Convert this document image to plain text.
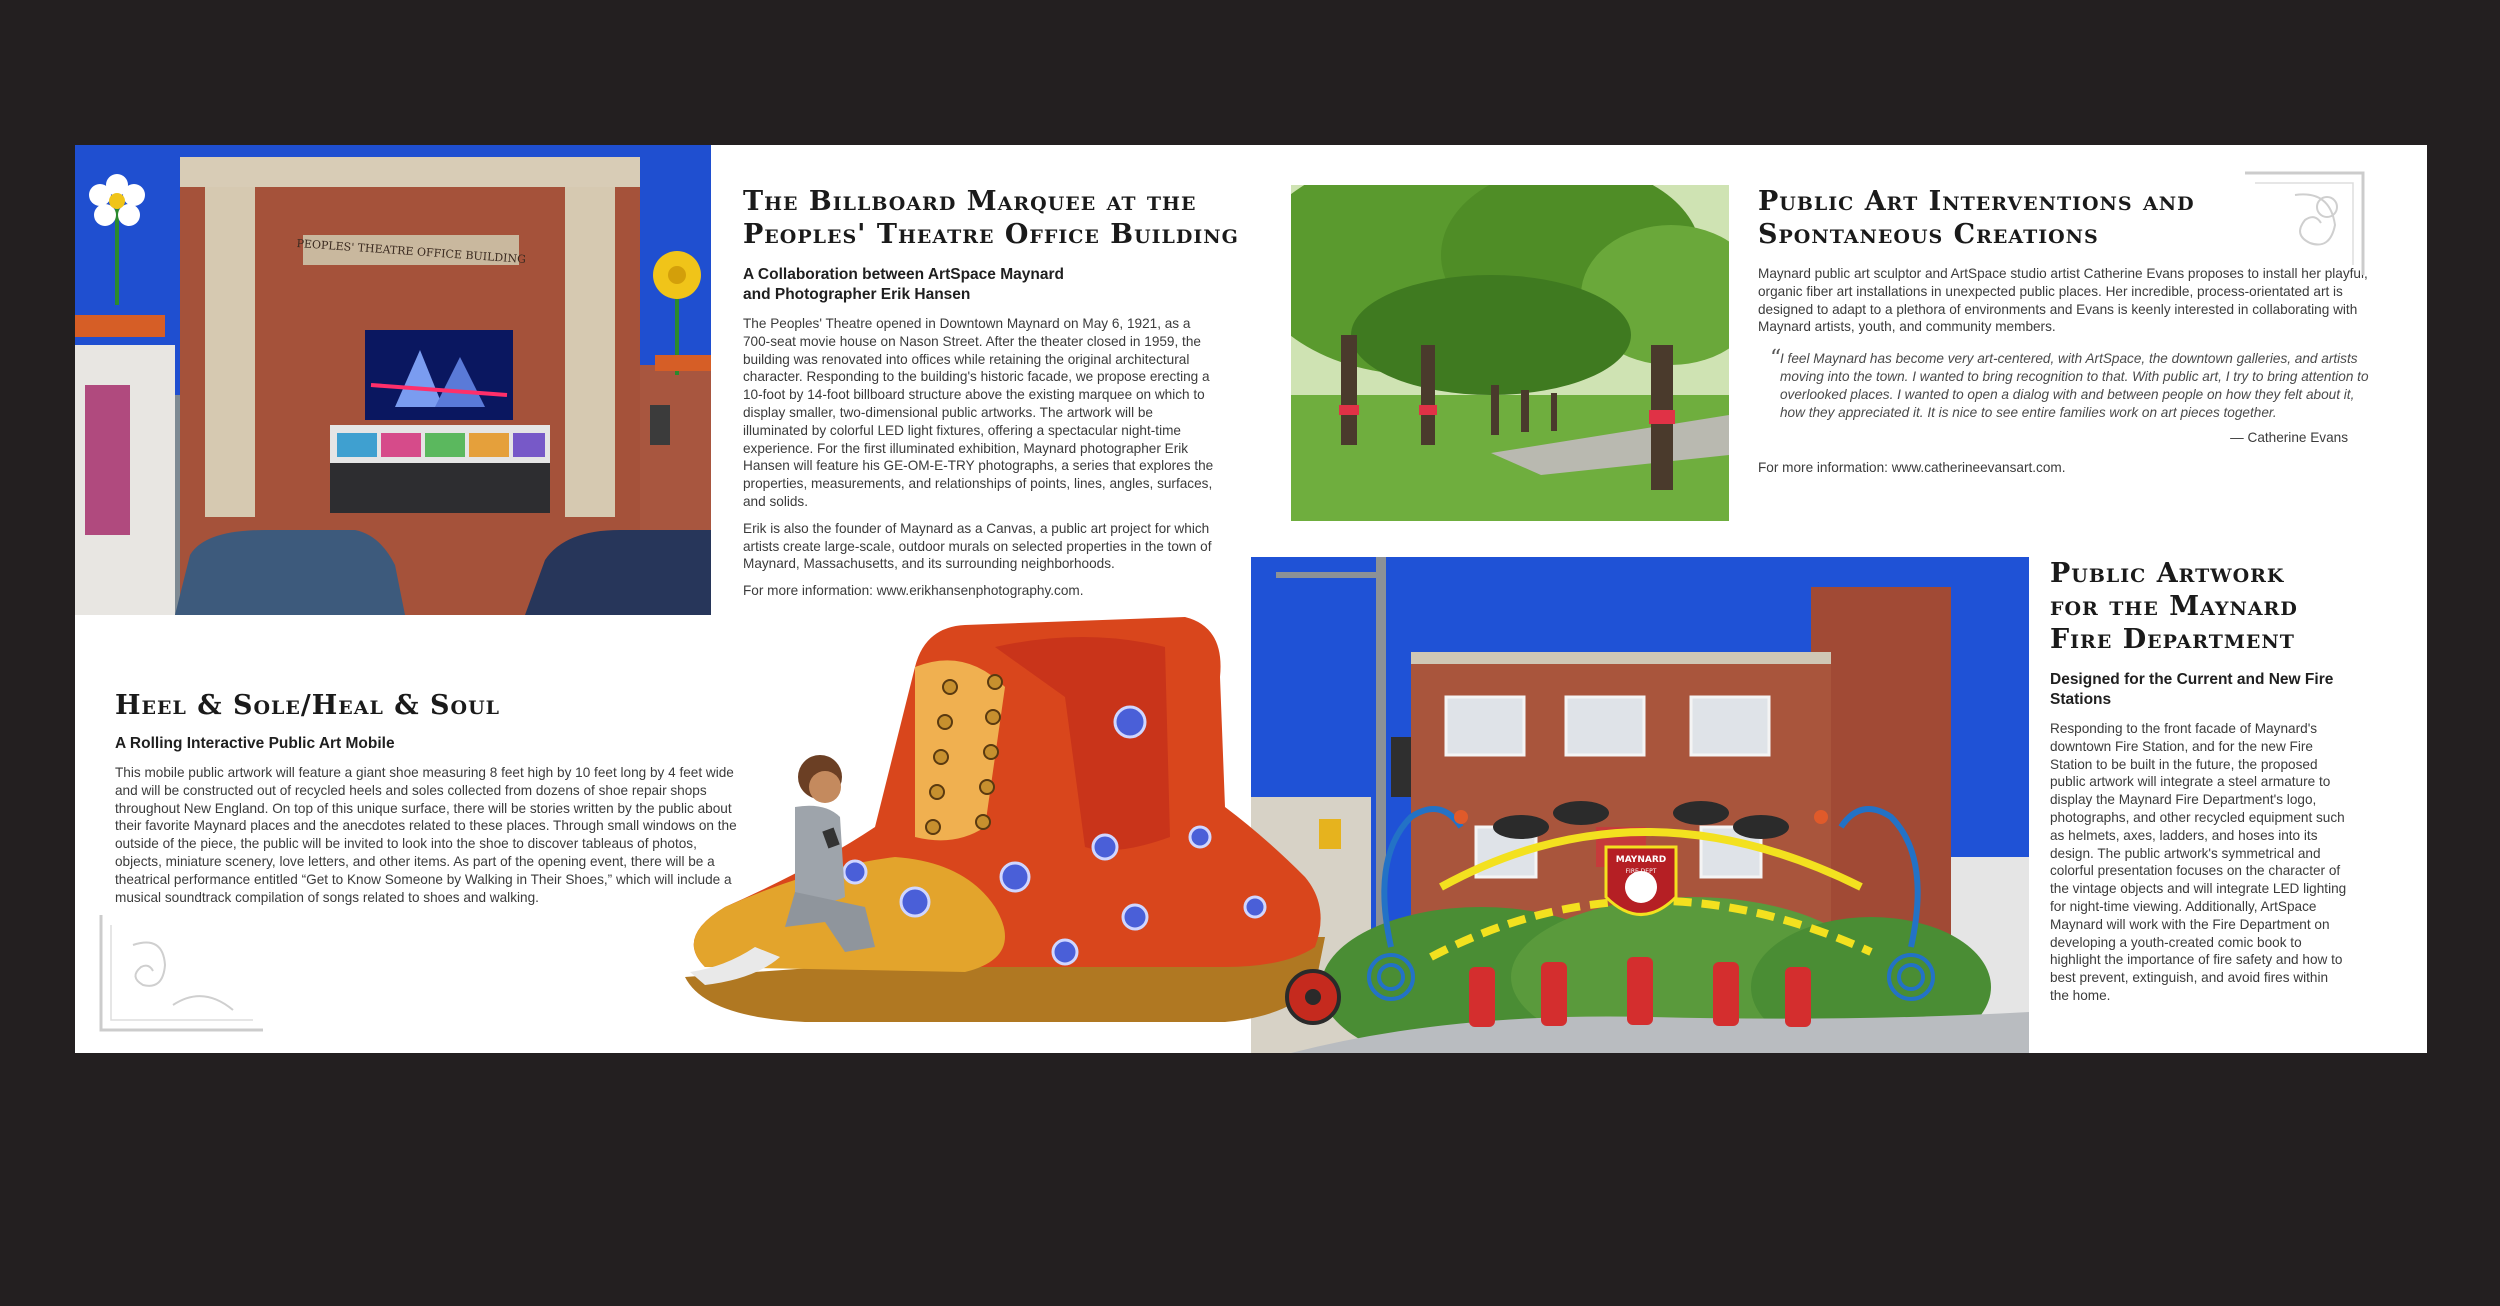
PEOPLES' THEATRE OFFICE BUILDING
The Billboard Marquee at the Peoples' Theatre Office Building

A Collaboration between ArtSpace Maynard and Photographer Erik Hansen

The Peoples' Theatre opened in Downtown Maynard on May 6, 1921, as a 700-seat movie house on Nason Street. After the theater closed in 1959, the building was renovated into offices while retaining the original architectural character. Responding to the building's historic facade, we propose erecting a 10-foot by 14-foot billboard structure above the existing marquee on which to display smaller, two-dimensional public artworks. The artwork will be illuminated by colorful LED light fixtures, offering a spectacular night-time experience. For the first illuminated exhibition, Maynard photographer Erik Hansen will feature his GE-OM-E-TRY photographs, a series that explores the properties, measurements, and relationships of points, lines, angles, surfaces, and solids.

Erik is also the founder of Maynard as a Canvas, a public art project for which artists create large-scale, outdoor murals on selected properties in the town of Maynard, Massachusetts, and its surrounding neighborhoods.

For more information: www.erikhansenphotography.com.

Public Art Interventions and Spontaneous Creations

Maynard public art sculptor and ArtSpace studio artist Catherine Evans proposes to install her playful, organic fiber art installations in unexpected public places. Her incredible, process-orientated art is designed to adapt to a plethora of environments and Evans is keenly interested in collaborating with Maynard artists, youth, and community members.

“

I feel Maynard has become very art-centered, with ArtSpace, the downtown galleries, and artists moving into the town. I wanted to bring recognition to that. With public art, I try to bring attention to overlooked places. I wanted to open a dialog with and between people on how they felt about it, how they appreciated it. It is nice to see entire families work on art pieces together.

— Catherine Evans

For more information: www.catherineevansart.com.

Heel & Sole/Heal & Soul

A Rolling Interactive Public Art Mobile

This mobile public artwork will feature a giant shoe measuring 8 feet high by 10 feet long by 4 feet wide and will be constructed out of recycled heels and soles collected from dozens of shoe repair shops throughout New England. On top of this unique surface, there will be stories written by the public about their favorite Maynard places and the anecdotes related to these places. Through small windows on the outside of the piece, the public will be invited to look into the shoe to discover tableaus of photos, objects, miniature scenery, love letters, and other items. As part of the opening event, there will be a theatrical performance entitled “Get to Know Someone by Walking in Their Shoes,” which will include a musical soundtrack compilation of songs related to shoes and walking.

MAYNARD
FIRE DEPT
Public Artwork for the Maynard Fire Department

Designed for the Current and New Fire Stations

Responding to the front facade of Maynard's downtown Fire Station, and for the new Fire Station to be built in the future, the proposed public artwork will integrate a steel armature to display the Maynard Fire Department's logo, photographs, and other recycled equipment such as helmets, axes, ladders, and hoses into its design. The public artwork's symmetrical and colorful presentation focuses on the character of the vintage objects and will integrate LED lighting for night-time viewing. Additionally, ArtSpace Maynard will work with the Fire Department on developing a youth-created comic book to highlight the importance of fire safety and how to best prevent, extinguish, and avoid fires within the home.
